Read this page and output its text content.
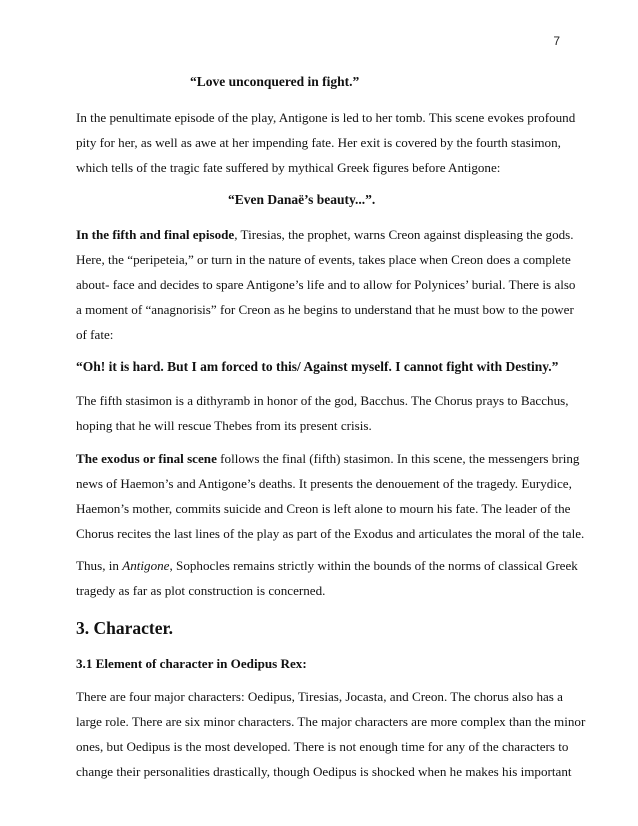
7
“Love unconquered in fight.”
In the penultimate episode of the play, Antigone is led to her tomb. This scene evokes profound
pity for her, as well as awe at her impending fate. Her exit is covered by the fourth stasimon,
which tells of the tragic fate suffered by mythical Greek figures before Antigone:
“Even Danaë’s beauty...”.
In the fifth and final episode, Tiresias, the prophet, warns Creon against displeasing the gods.
Here, the “peripeteia,” or turn in the nature of events, takes place when Creon does a complete
about- face and decides to spare Antigone’s life and to allow for Polynices’ burial. There is also
a moment of “anagnorisis” for Creon as he begins to understand that he must bow to the power
of fate:
“Oh! it is hard. But I am forced to this/ Against myself. I cannot fight with Destiny.”
The fifth stasimon is a dithyramb in honor of the god, Bacchus. The Chorus prays to Bacchus,
hoping that he will rescue Thebes from its present crisis.
The exodus or final scene follows the final (fifth) stasimon. In this scene, the messengers bring
news of Haemon’s and Antigone’s deaths. It presents the denouement of the tragedy. Eurydice,
Haemon’s mother, commits suicide and Creon is left alone to mourn his fate. The leader of the
Chorus recites the last lines of the play as part of the Exodus and articulates the moral of the tale.
Thus, in Antigone, Sophocles remains strictly within the bounds of the norms of classical Greek
tragedy as far as plot construction is concerned.
3. Character.
3.1 Element of character in Oedipus Rex:
There are four major characters: Oedipus, Tiresias, Jocasta, and Creon. The chorus also has a
large role. There are six minor characters. The major characters are more complex than the minor
ones, but Oedipus is the most developed. There is not enough time for any of the characters to
change their personalities drastically, though Oedipus is shocked when he makes his important
